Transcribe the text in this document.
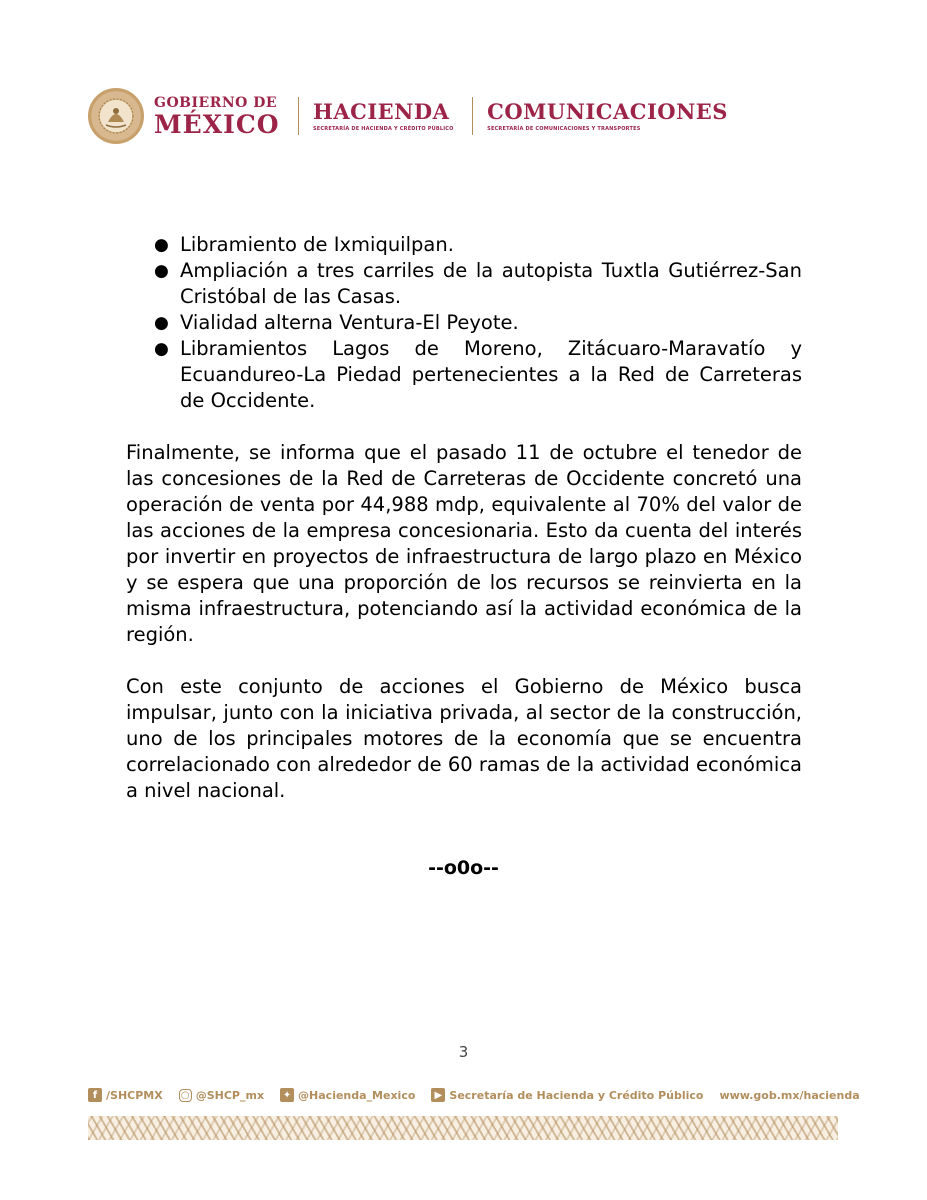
GOBIERNO DE
MÉXICO HACIENDA
SECRETARÍA DE HACIENDA Y CRÉDITO PÚBLICO
COMUNICACIONES
SECRETARÍA DE COMUNICACIONES Y TRANSPORTES
● Libramiento de Ixmiquilpan.
● Ampliación a tres carriles de la autopista Tuxtla Gutiérrez-San Cristóbal de las Casas.
● Vialidad alterna Ventura-El Peyote.
● Libramientos Lagos de Moreno, Zitácuaro-Maravatío y Ecuandureo-La Piedad pertenecientes a la Red de Carreteras de Occidente.

Finalmente, se informa que el pasado 11 de octubre el tenedor de las concesiones de la Red de Carreteras de Occidente concretó una operación de venta por 44,988 mdp, equivalente al 70% del valor de las acciones de la empresa concesionaria. Esto da cuenta del interés por invertir en proyectos de infraestructura de largo plazo en México y se espera que una proporción de los recursos se reinvierta en la misma infraestructura, potenciando así la actividad económica de la región.

Con este conjunto de acciones el Gobierno de México busca impulsar, junto con la iniciativa privada, al sector de la construcción, uno de los principales motores de la economía que se encuentra correlacionado con alrededor de 60 ramas de la actividad económica a nivel nacional.

--o0o--
3
f /SHCPMX ○ @SHCP_mx ✦ @Hacienda_Mexico	▶ Secretaría de Hacienda y Crédito Público www.gob.mx/hacienda
